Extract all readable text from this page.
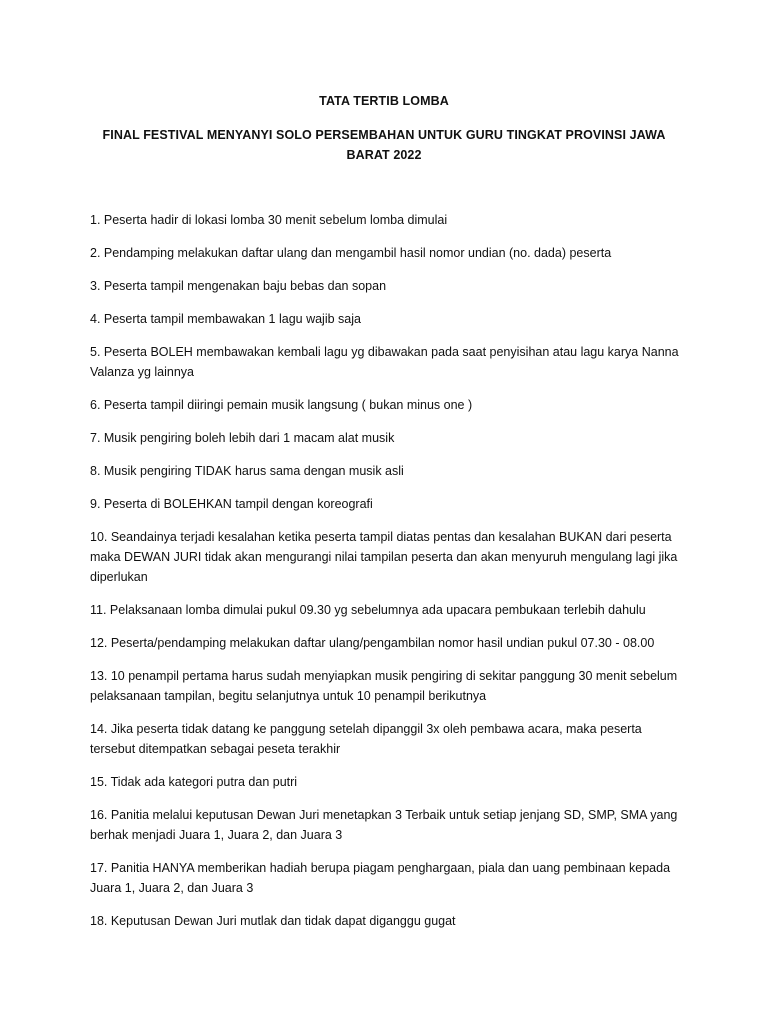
TATA TERTIB LOMBA
FINAL FESTIVAL MENYANYI SOLO PERSEMBAHAN UNTUK GURU TINGKAT PROVINSI JAWA BARAT 2022
1. Peserta hadir di lokasi lomba 30 menit sebelum lomba dimulai
2. Pendamping melakukan daftar ulang dan mengambil hasil nomor undian (no. dada) peserta
3. Peserta tampil mengenakan baju bebas dan sopan
4. Peserta tampil membawakan 1 lagu wajib saja
5. Peserta BOLEH membawakan kembali lagu yg dibawakan pada saat penyisihan atau lagu karya Nanna Valanza yg lainnya
6. Peserta tampil diiringi pemain musik langsung ( bukan minus one )
7. Musik pengiring boleh lebih dari 1 macam alat musik
8. Musik pengiring TIDAK harus sama dengan musik asli
9. Peserta di BOLEHKAN tampil dengan koreografi
10. Seandainya terjadi kesalahan ketika peserta tampil diatas pentas dan kesalahan BUKAN dari peserta maka DEWAN JURI tidak akan mengurangi nilai tampilan peserta dan akan menyuruh mengulang lagi jika diperlukan
11. Pelaksanaan lomba dimulai pukul 09.30 yg sebelumnya ada upacara pembukaan terlebih dahulu
12. Peserta/pendamping melakukan daftar ulang/pengambilan nomor hasil undian pukul 07.30 - 08.00
13. 10 penampil pertama harus sudah menyiapkan musik pengiring di sekitar panggung 30 menit sebelum pelaksanaan tampilan, begitu selanjutnya untuk 10 penampil berikutnya
14. Jika peserta tidak datang ke panggung setelah dipanggil 3x oleh pembawa acara, maka peserta tersebut ditempatkan sebagai peseta terakhir
15. Tidak ada kategori putra dan putri
16. Panitia melalui keputusan Dewan Juri menetapkan 3 Terbaik untuk setiap jenjang SD, SMP, SMA yang berhak menjadi Juara 1, Juara 2, dan Juara 3
17. Panitia HANYA memberikan hadiah berupa piagam penghargaan, piala dan uang pembinaan kepada Juara 1, Juara 2, dan Juara 3
18. Keputusan Dewan Juri mutlak dan tidak dapat diganggu gugat
